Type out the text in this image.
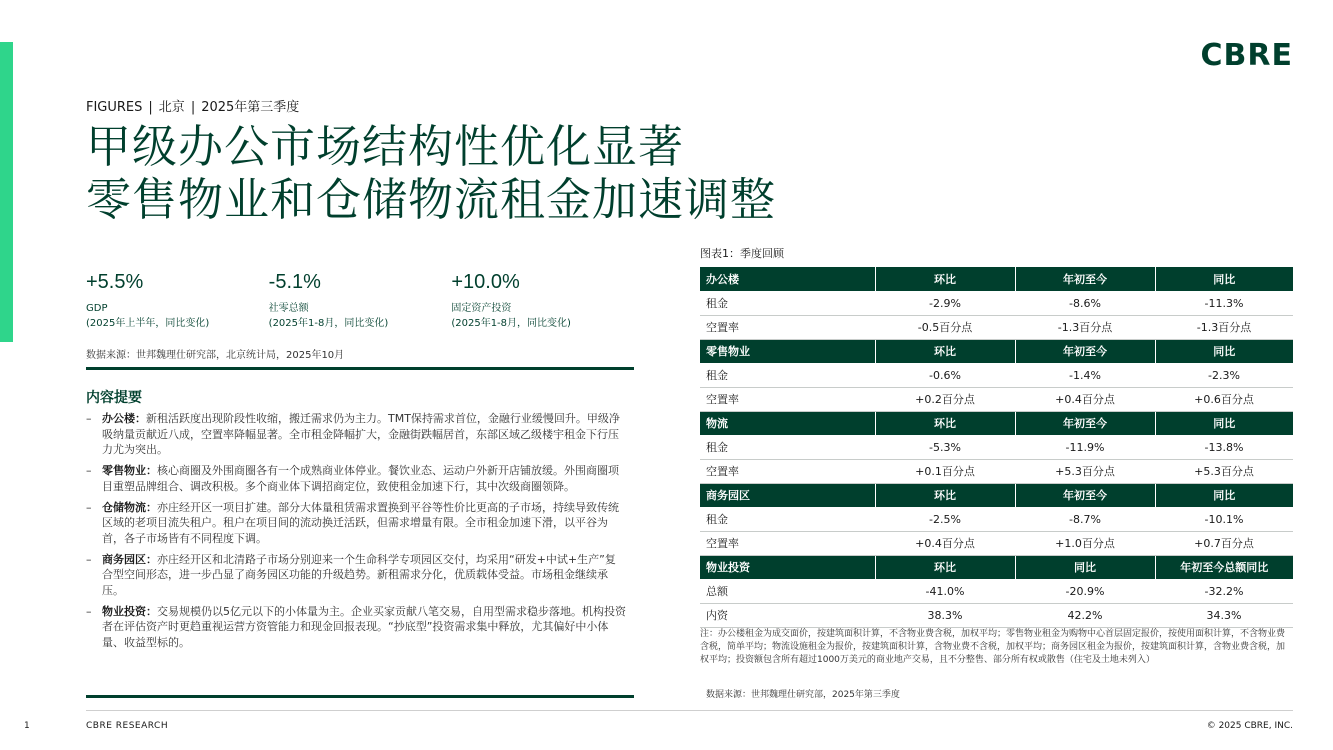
CBRE
FIGURES | 北京 | 2025年第三季度
甲级办公市场结构性优化显著
零售物业和仓储物流租金加速调整
+5.5%
GDP
(2025年上半年，同比变化)
-5.1%
社零总额
(2025年1-8月，同比变化)
+10.0%
固定资产投资
(2025年1-8月，同比变化)
数据来源：世邦魏理仕研究部，北京统计局，2025年10月
内容提要
– 办公楼：新租活跃度出现阶段性收缩，搬迁需求仍为主力。TMT保持需求首位，金融行业缓慢回升。甲级净吸纳量贡献近八成，空置率降幅显著。全市租金降幅扩大，金融街跌幅居首，东部区域乙级楼宇租金下行压力尤为突出。
– 零售物业：核心商圈及外围商圈各有一个成熟商业体停业。餐饮业态、运动户外新开店铺放缓。外围商圈项目重塑品牌组合、调改积极。多个商业体下调招商定位，致使租金加速下行，其中次级商圈领降。
– 仓储物流：亦庄经开区一项目扩建。部分大体量租赁需求置换到平谷等性价比更高的子市场，持续导致传统区域的老项目流失租户。租户在项目间的流动换迁活跃，但需求增量有限。全市租金加速下滑，以平谷为首，各子市场皆有不同程度下调。
– 商务园区：亦庄经开区和北清路子市场分别迎来一个生命科学专项园区交付，均采用“研发+中试+生产”复合型空间形态，进一步凸显了商务园区功能的升级趋势。新租需求分化，优质载体受益。市场租金继续承压。
– 物业投资：交易规模仍以5亿元以下的小体量为主。企业买家贡献八笔交易，自用型需求稳步落地。机构投资者在评估资产时更趋重视运营方资管能力和现金回报表现。“抄底型”投资需求集中释放，尤其偏好中小体量、收益型标的。
图表1：季度回顾
办公楼	环比	年初至今	同比
租金	-2.9%	-8.6%	-11.3%
空置率	-0.5百分点	-1.3百分点	-1.3百分点
零售物业	环比	年初至今	同比
租金	-0.6%	-1.4%	-2.3%
空置率	+0.2百分点	+0.4百分点	+0.6百分点
物流	环比	年初至今	同比
租金	-5.3%	-11.9%	-13.8%
空置率	+0.1百分点	+5.3百分点	+5.3百分点
商务园区	环比	年初至今	同比
租金	-2.5%	-8.7%	-10.1%
空置率	+0.4百分点	+1.0百分点	+0.7百分点
物业投资	环比	同比	年初至今总额同比
总额	-41.0%	-20.9%	-32.2%
内资	38.3%	42.2%	34.3%
注：办公楼租金为成交面价，按建筑面积计算，不含物业费含税，加权平均；零售物业租金为购物中心首层固定报价，按使用面积计算，不含物业费含税，简单平均；物流设施租金为报价，按建筑面积计算，含物业费不含税，加权平均；商务园区租金为报价，按建筑面积计算，含物业费含税，加权平均；投资额包含所有超过1000万美元的商业地产交易，且不分整售、部分所有权或散售（住宅及土地未列入）
数据来源：世邦魏理仕研究部，2025年第三季度
1	CBRE RESEARCH	© 2025 CBRE, INC.
